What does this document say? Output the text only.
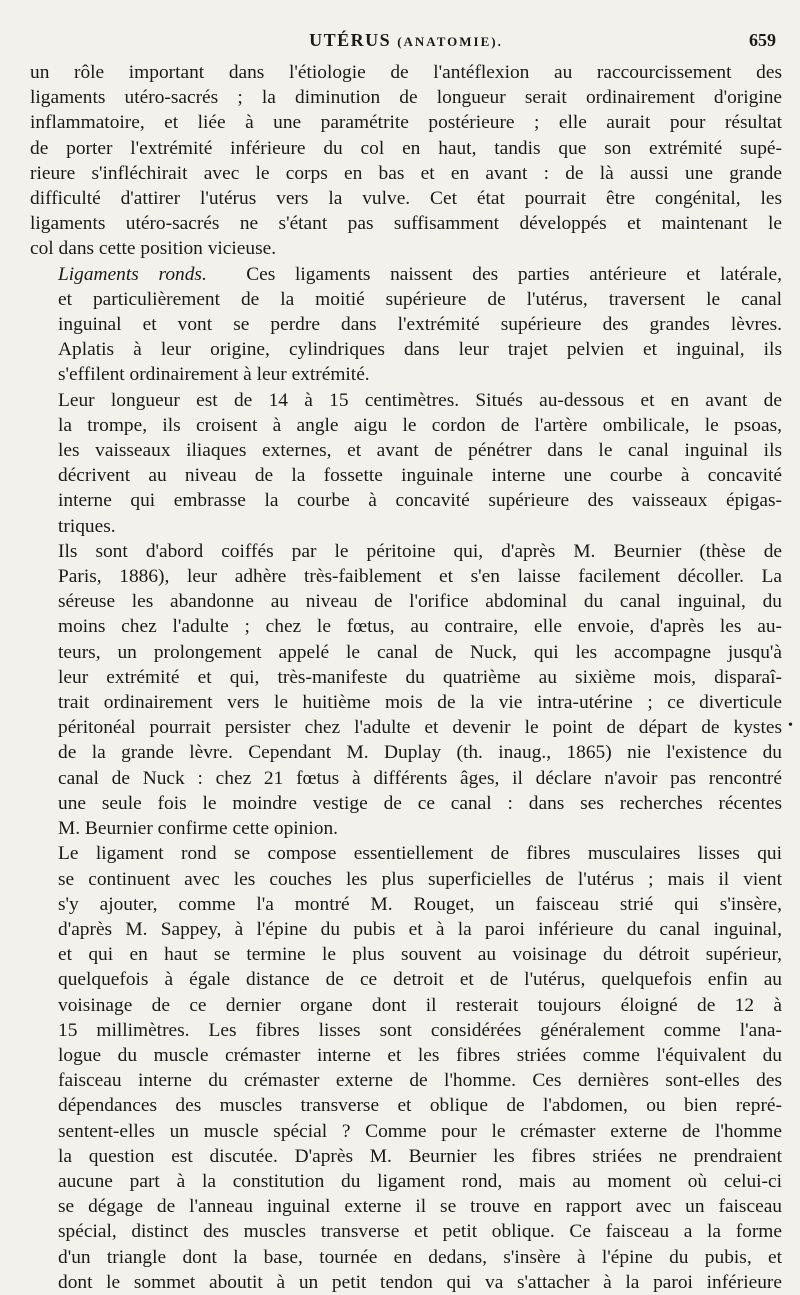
UTÉRUS (ANATOMIE).	659

un rôle important dans l'étiologie de l'antéflexion au raccourcissement des
ligaments utéro-sacrés ; la diminution de longueur serait ordinairement d'origine
inflammatoire, et liée à une paramétrite postérieure ; elle aurait pour résultat
de porter l'extrémité inférieure du col en haut, tandis que son extrémité supé-
rieure s'infléchirait avec le corps en bas et en avant : de là aussi une grande
difficulté d'attirer l'utérus vers la vulve. Cet état pourrait être congénital, les
ligaments utéro-sacrés ne s'étant pas suffisamment développés et maintenant le
col dans cette position vicieuse.

Ligaments ronds. Ces ligaments naissent des parties antérieure et latérale,
et particulièrement de la moitié supérieure de l'utérus, traversent le canal
inguinal et vont se perdre dans l'extrémité supérieure des grandes lèvres.
Aplatis à leur origine, cylindriques dans leur trajet pelvien et inguinal, ils
s'effilent ordinairement à leur extrémité.

Leur longueur est de 14 à 15 centimètres. Situés au-dessous et en avant de
la trompe, ils croisent à angle aigu le cordon de l'artère ombilicale, le psoas,
les vaisseaux iliaques externes, et avant de pénétrer dans le canal inguinal ils
décrivent au niveau de la fossette inguinale interne une courbe à concavité
interne qui embrasse la courbe à concavité supérieure des vaisseaux épigas-
triques.

Ils sont d'abord coiffés par le péritoine qui, d'après M. Beurnier (thèse de
Paris, 1886), leur adhère très-faiblement et s'en laisse facilement décoller. La
séreuse les abandonne au niveau de l'orifice abdominal du canal inguinal, du
moins chez l'adulte ; chez le fœtus, au contraire, elle envoie, d'après les au-
teurs, un prolongement appelé le canal de Nuck, qui les accompagne jusqu'à
leur extrémité et qui, très-manifeste du quatrième au sixième mois, disparaî-
trait ordinairement vers le huitième mois de la vie intra-utérine ; ce diverticule
péritonéal pourrait persister chez l'adulte et devenir le point de départ de kystes
de la grande lèvre. Cependant M. Duplay (th. inaug., 1865) nie l'existence du
canal de Nuck : chez 21 fœtus à différents âges, il déclare n'avoir pas rencontré
une seule fois le moindre vestige de ce canal : dans ses recherches récentes
M. Beurnier confirme cette opinion.

Le ligament rond se compose essentiellement de fibres musculaires lisses qui
se continuent avec les couches les plus superficielles de l'utérus ; mais il vient
s'y ajouter, comme l'a montré M. Rouget, un faisceau strié qui s'insère,
d'après M. Sappey, à l'épine du pubis et à la paroi inférieure du canal inguinal,
et qui en haut se termine le plus souvent au voisinage du détroit supérieur,
quelquefois à égale distance de ce detroit et de l'utérus, quelquefois enfin au
voisinage de ce dernier organe dont il resterait toujours éloigné de 12 à
15 millimètres. Les fibres lisses sont considérées généralement comme l'ana-
logue du muscle crémaster interne et les fibres striées comme l'équivalent du
faisceau interne du crémaster externe de l'homme. Ces dernières sont-elles des
dépendances des muscles transverse et oblique de l'abdomen, ou bien repré-
sentent-elles un muscle spécial ? Comme pour le crémaster externe de l'homme
la question est discutée. D'après M. Beurnier les fibres striées ne prendraient
aucune part à la constitution du ligament rond, mais au moment où celui-ci
se dégage de l'anneau inguinal externe il se trouve en rapport avec un faisceau
spécial, distinct des muscles transverse et petit oblique. Ce faisceau a la forme
d'un triangle dont la base, tournée en dedans, s'insère à l'épine du pubis, et
dont le sommet aboutit à un petit tendon qui va s'attacher à la paroi inférieure

•
